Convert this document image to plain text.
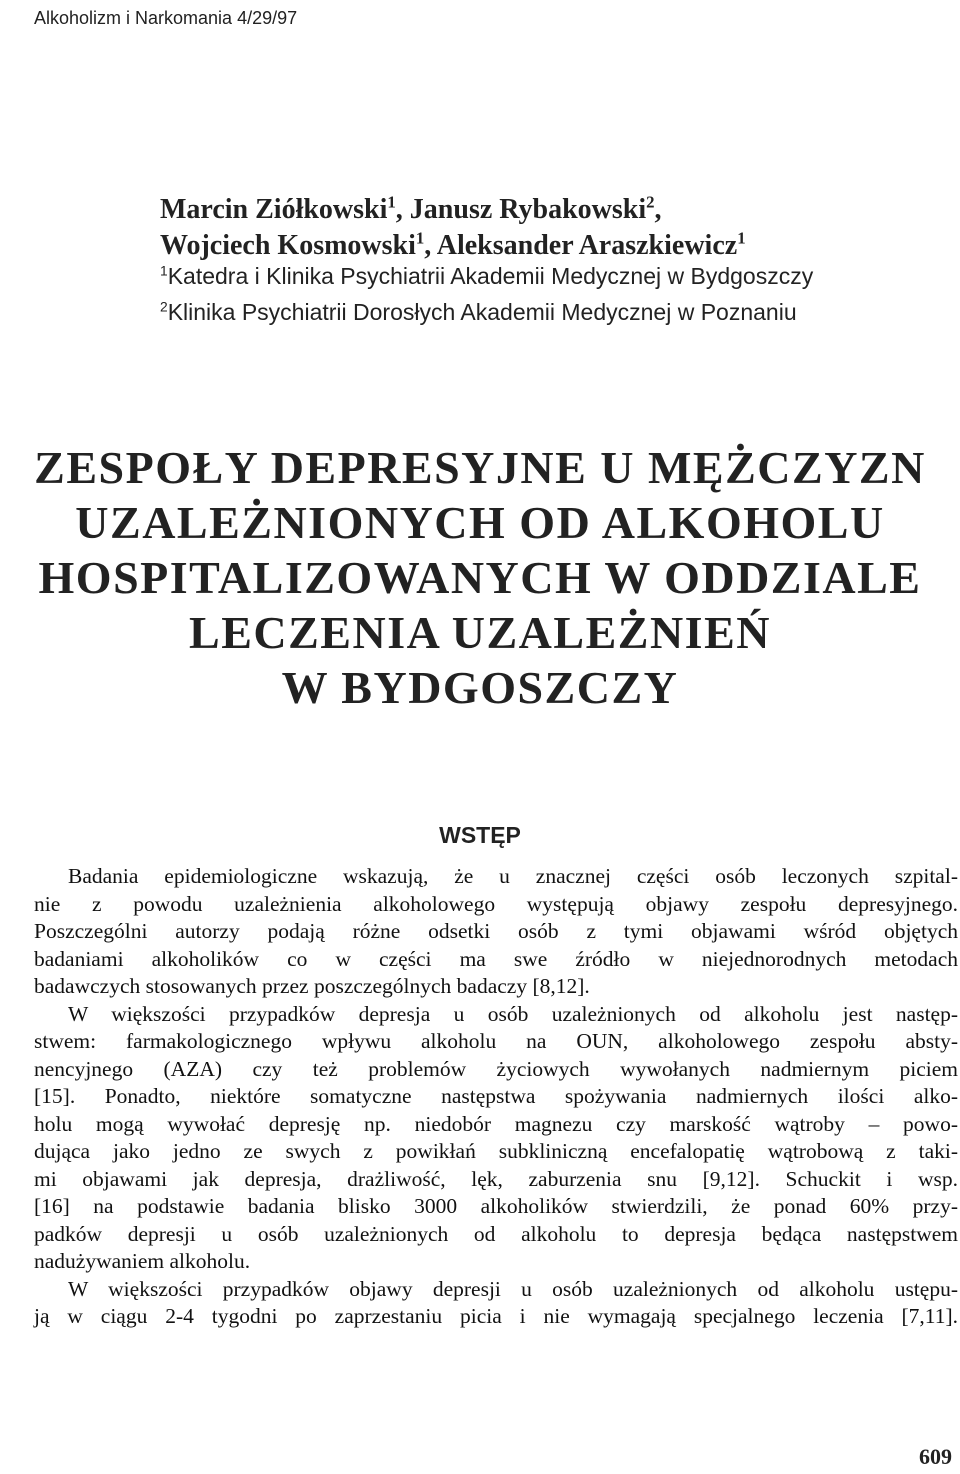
Alkoholizm i Narkomania 4/29/97
Marcin Ziółkowski$^1$, Janusz Rybakowski$^2$,
Wojciech Kosmowski$^1$, Aleksander Araszkiewicz$^1$
$^1$Katedra i Klinika Psychiatrii Akademii Medycznej w Bydgoszczy
$^2$Klinika Psychiatrii Dorosłych Akademii Medycznej w Poznaniu
ZESPOŁY DEPRESYJNE U MĘŻCZYZN
UZALEŻNIONYCH OD ALKOHOLU
HOSPITALIZOWANYCH W ODDZIALE
LECZENIA UZALEŻNIEŃ
W BYDGOSZCZY
WSTĘP
Badania epidemiologiczne wskazują, że u znacznej części osób leczonych szpital-
nie z powodu uzależnienia alkoholowego występują objawy zespołu depresyjnego.
Poszczególni autorzy podają różne odsetki osób z tymi objawami wśród objętych
badaniami alkoholików co w części ma swe źródło w niejednorodnych metodach
badawczych stosowanych przez poszczególnych badaczy [8,12].
W większości przypadków depresja u osób uzależnionych od alkoholu jest następ-
stwem: farmakologicznego wpływu alkoholu na OUN, alkoholowego zespołu absty-
nencyjnego (AZA) czy też problemów życiowych wywołanych nadmiernym piciem
[15]. Ponadto, niektóre somatyczne następstwa spożywania nadmiernych ilości alko-
holu mogą wywołać depresję np. niedobór magnezu czy marskość wątroby – powo-
dująca jako jedno ze swych z powikłań subkliniczną encefalopatię wątrobową z taki-
mi objawami jak depresja, drażliwość, lęk, zaburzenia snu [9,12]. Schuckit i wsp.
[16] na podstawie badania blisko 3000 alkoholików stwierdzili, że ponad 60% przy-
padków depresji u osób uzależnionych od alkoholu to depresja będąca następstwem
nadużywaniem alkoholu.
W większości przypadków objawy depresji u osób uzależnionych od alkoholu ustępu-
ją w ciągu 2-4 tygodni po zaprzestaniu picia i nie wymagają specjalnego leczenia [7,11].
609
